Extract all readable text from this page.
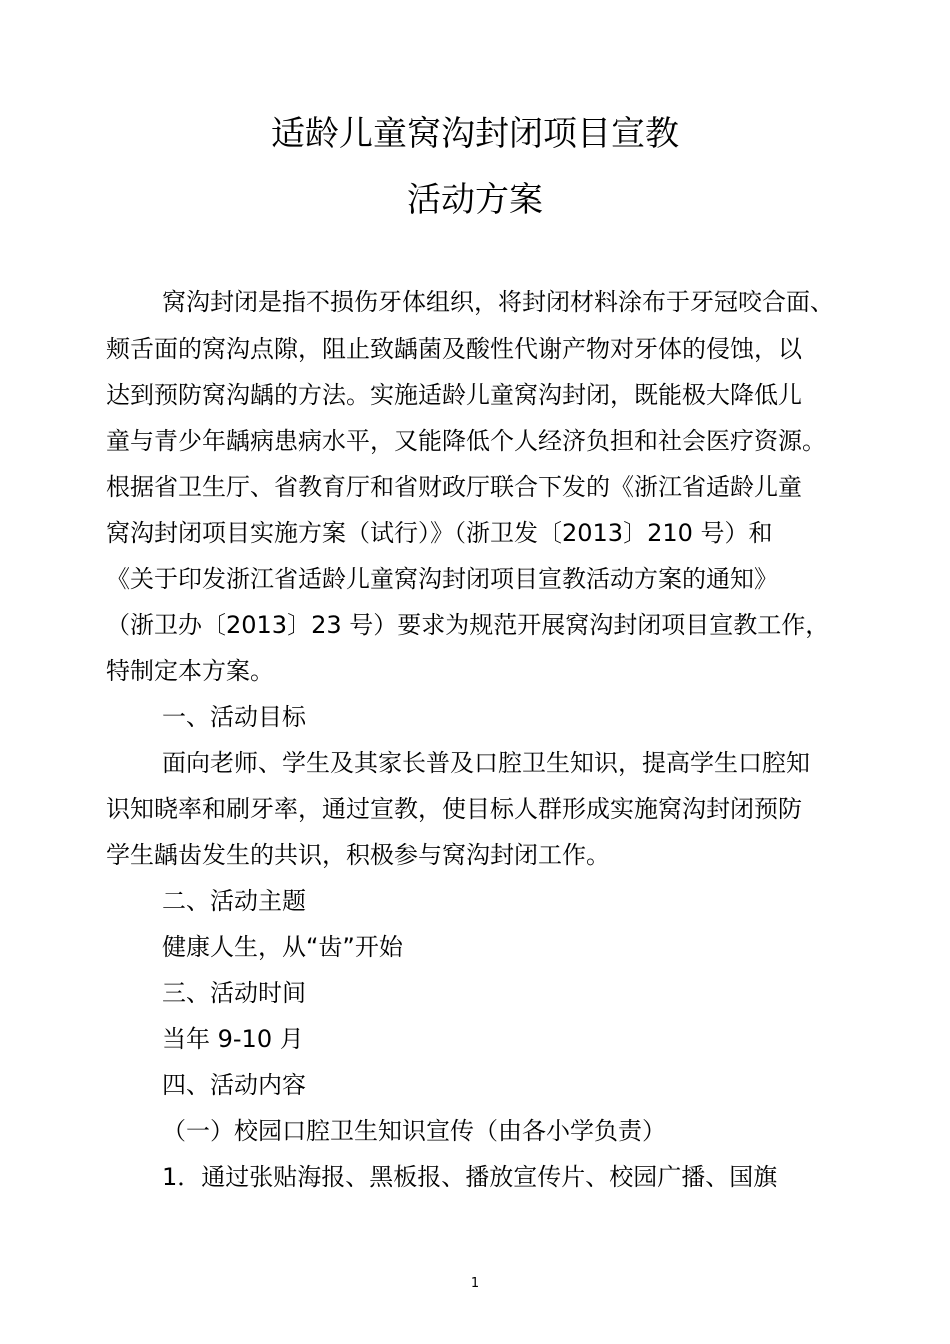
适龄儿童窝沟封闭项目宣教
活动方案
窝沟封闭是指不损伤牙体组织，将封闭材料涂布于牙冠咬合面、
颊舌面的窝沟点隙，阻止致龋菌及酸性代谢产物对牙体的侵蚀，以
达到预防窝沟龋的方法。实施适龄儿童窝沟封闭，既能极大降低儿
童与青少年龋病患病水平，又能降低个人经济负担和社会医疗资源。
根据省卫生厅、省教育厅和省财政厅联合下发的《浙江省适龄儿童
窝沟封闭项目实施方案（试行）》（浙卫发〔2013〕210 号）和
《关于印发浙江省适龄儿童窝沟封闭项目宣教活动方案的通知》
（浙卫办〔2013〕23 号）要求为规范开展窝沟封闭项目宣教工作，
特制定本方案。
一、活动目标
面向老师、学生及其家长普及口腔卫生知识，提高学生口腔知
识知晓率和刷牙率，通过宣教，使目标人群形成实施窝沟封闭预防
学生龋齿发生的共识，积极参与窝沟封闭工作。
二、活动主题
健康人生，从“齿”开始
三、活动时间
当年 9-10 月
四、活动内容
（一）校园口腔卫生知识宣传（由各小学负责）
1．通过张贴海报、黑板报、播放宣传片、校园广播、国旗
1
